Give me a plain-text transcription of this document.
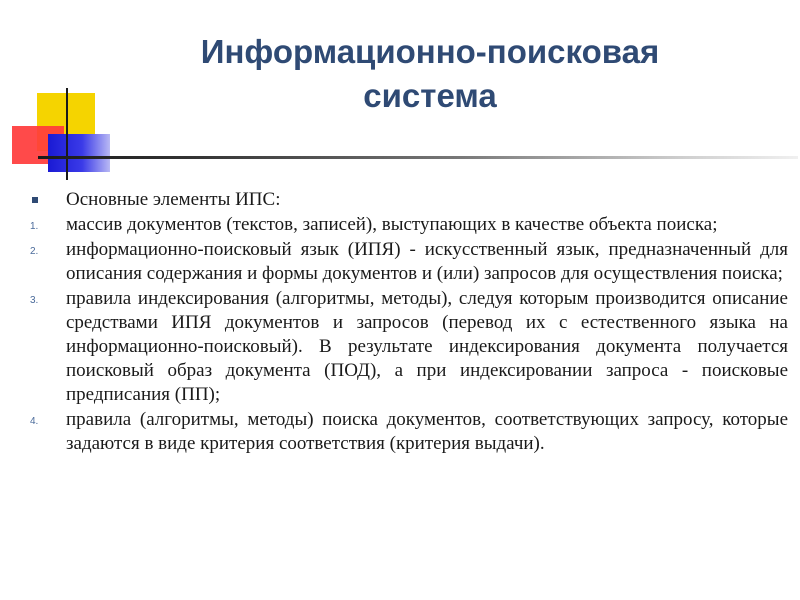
Информационно-поисковая
система
Основные элементы ИПС:
1. массив документов (текстов, записей), выступающих в качестве объекта поиска;
2. информационно-поисковый язык (ИПЯ) - искусственный язык, предназначенный для описания содержания и формы документов и (или) запросов для осуществления поиска;
3. правила индексирования (алгоритмы, методы), следуя которым производится описание средствами ИПЯ документов и запросов (перевод их с естественного языка на информационно-поисковый). В результате индексирования документа получается поисковый образ документа (ПОД), а при индексировании запроса - поисковые предписания (ПП);
4. правила (алгоритмы, методы) поиска документов, соответствующих запросу, которые задаются в виде критерия соответствия (критерия выдачи).
